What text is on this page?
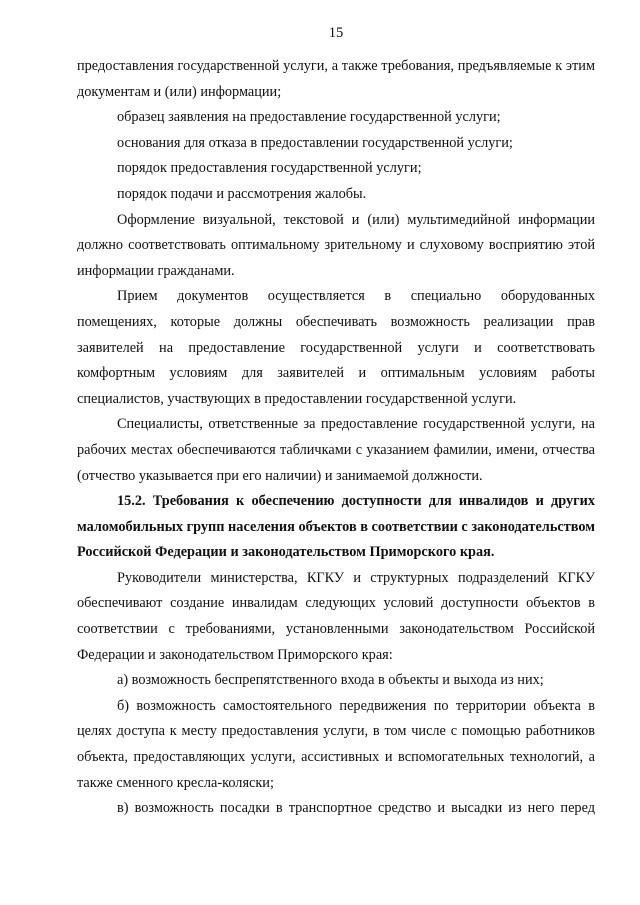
15

предоставления государственной услуги, а также требования, предъявляемые к этим документам и (или) информации;

образец заявления на предоставление государственной услуги;

основания для отказа в предоставлении государственной услуги;

порядок предоставления государственной услуги;

порядок подачи и рассмотрения жалобы.

Оформление визуальной, текстовой и (или) мультимедийной информации должно соответствовать оптимальному зрительному и слуховому восприятию этой информации гражданами.

Прием документов осуществляется в специально оборудованных помещениях, которые должны обеспечивать возможность реализации прав заявителей на предоставление государственной услуги и соответствовать комфортным условиям для заявителей и оптимальным условиям работы специалистов, участвующих в предоставлении государственной услуги.

Специалисты, ответственные за предоставление государственной услуги, на рабочих местах обеспечиваются табличками с указанием фамилии, имени, отчества (отчество указывается при его наличии) и занимаемой должности.

15.2. Требования к обеспечению доступности для инвалидов и других маломобильных групп населения объектов в соответствии с законодательством Российской Федерации и законодательством Приморского края.

Руководители министерства, КГКУ и структурных подразделений КГКУ обеспечивают создание инвалидам следующих условий доступности объектов в соответствии с требованиями, установленными законодательством Российской Федерации и законодательством Приморского края:

а) возможность беспрепятственного входа в объекты и выхода из них;

б) возможность самостоятельного передвижения по территории объекта в целях доступа к месту предоставления услуги, в том числе с помощью работников объекта, предоставляющих услуги, ассистивных и вспомогательных технологий, а также сменного кресла-коляски;

в) возможность посадки в транспортное средство и высадки из него перед
